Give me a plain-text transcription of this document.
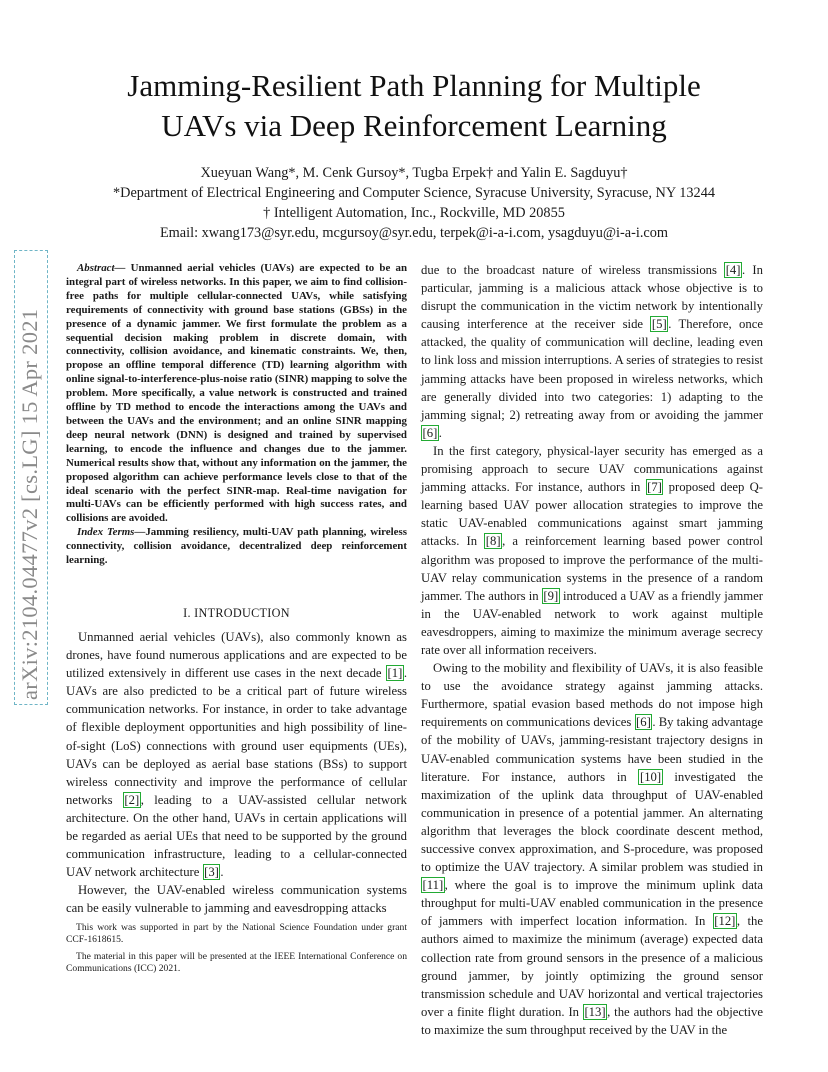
arXiv:2104.04477v2 [cs.LG] 15 Apr 2021
Jamming-Resilient Path Planning for Multiple
UAVs via Deep Reinforcement Learning
Xueyuan Wang*, M. Cenk Gursoy*, Tugba Erpek† and Yalin E. Sagduyu†
*Department of Electrical Engineering and Computer Science, Syracuse University, Syracuse, NY 13244
† Intelligent Automation, Inc., Rockville, MD 20855
Email: xwang173@syr.edu, mcgursoy@syr.edu, terpek@i-a-i.com, ysagduyu@i-a-i.com

Abstract— Unmanned aerial vehicles (UAVs) are expected to be an integral part of wireless networks. In this paper, we aim to find collision-free paths for multiple cellular-connected UAVs, while satisfying requirements of connectivity with ground base stations (GBSs) in the presence of a dynamic jammer. We first formulate the problem as a sequential decision making problem in discrete domain, with connectivity, collision avoidance, and kinematic constraints. We, then, propose an offline temporal difference (TD) learning algorithm with online signal-to-interference-plus-noise ratio (SINR) mapping to solve the problem. More specifically, a value network is constructed and trained offline by TD method to encode the interactions among the UAVs and between the UAVs and the environment; and an online SINR mapping deep neural network (DNN) is designed and trained by supervised learning, to encode the influence and changes due to the jammer. Numerical results show that, without any information on the jammer, the proposed algorithm can achieve performance levels close to that of the ideal scenario with the perfect SINR-map. Real-time navigation for multi-UAVs can be efficiently performed with high success rates, and collisions are avoided.

Index Terms—Jamming resiliency, multi-UAV path planning, wireless connectivity, collision avoidance, decentralized deep reinforcement learning.

I. INTRODUCTION

Unmanned aerial vehicles (UAVs), also commonly known as drones, have found numerous applications and are expected to be utilized extensively in different use cases in the next decade [1] . UAVs are also predicted to be a critical part of future wireless communication networks. For instance, in order to take advantage of flexible deployment opportunities and high possibility of line-of-sight (LoS) connections with ground user equipments (UEs), UAVs can be deployed as aerial base stations (BSs) to support wireless connectivity and improve the performance of cellular networks [2] , leading to a UAV-assisted cellular network architecture. On the other hand, UAVs in certain applications will be regarded as aerial UEs that need to be supported by the ground communication infrastructure, leading to a cellular-connected UAV network architecture [3] .

However, the UAV-enabled wireless communication systems can be easily vulnerable to jamming and eavesdropping attacks

This work was supported in part by the National Science Foundation under grant CCF-1618615.

The material in this paper will be presented at the IEEE International Conference on Communications (ICC) 2021.

due to the broadcast nature of wireless transmissions [4] . In particular, jamming is a malicious attack whose objective is to disrupt the communication in the victim network by intentionally causing interference at the receiver side [5] . Therefore, once attacked, the quality of communication will decline, leading even to link loss and mission interruptions. A series of strategies to resist jamming attacks have been proposed in wireless networks, which are generally divided into two categories: 1) adapting to the jamming signal; 2) retreating away from or avoiding the jammer [6] .

In the first category, physical-layer security has emerged as a promising approach to secure UAV communications against jamming attacks. For instance, authors in [7] proposed deep Q-learning based UAV power allocation strategies to improve the static UAV-enabled communications against smart jamming attacks. In [8] , a reinforcement learning based power control algorithm was proposed to improve the performance of the multi-UAV relay communication systems in the presence of a random jammer. The authors in [9] introduced a UAV as a friendly jammer in the UAV-enabled network to work against multiple eavesdroppers, aiming to maximize the minimum average secrecy rate over all information receivers.

Owing to the mobility and flexibility of UAVs, it is also feasible to use the avoidance strategy against jamming attacks. Furthermore, spatial evasion based methods do not impose high requirements on communications devices [6] . By taking advantage of the mobility of UAVs, jamming-resistant trajectory designs in UAV-enabled communication systems have been studied in the literature. For instance, authors in [10] investigated the maximization of the uplink data throughput of UAV-enabled communication in presence of a potential jammer. An alternating algorithm that leverages the block coordinate descent method, successive convex approximation, and S-procedure, was proposed to optimize the UAV trajectory. A similar problem was studied in [11] , where the goal is to improve the minimum uplink data throughput for multi-UAV enabled communication in the presence of jammers with imperfect location information. In [12] , the authors aimed to maximize the minimum (average) expected data collection rate from ground sensors in the presence of a malicious ground jammer, by jointly optimizing the ground sensor transmission schedule and UAV horizontal and vertical trajectories over a finite flight duration. In [13] , the authors had the objective to maximize the sum throughput received by the UAV in the
